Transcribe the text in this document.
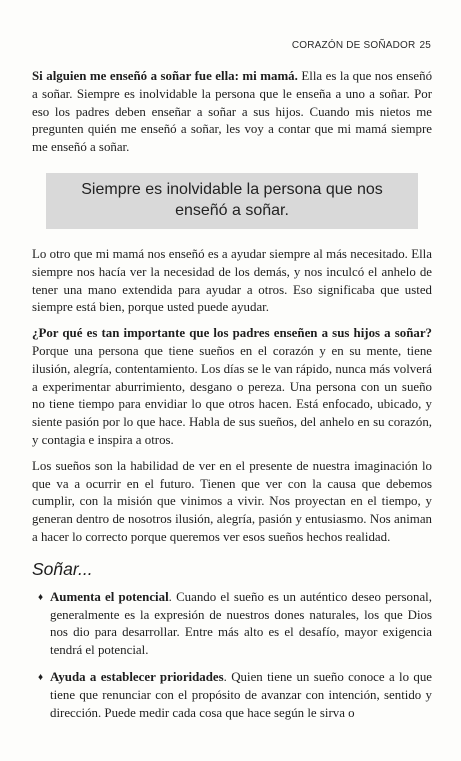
CORAZÓN DE SOÑADOR 25

Si alguien me enseñó a soñar fue ella: mi mamá. Ella es la que nos enseñó a soñar. Siempre es inolvidable la persona que le enseña a uno a soñar. Por eso los padres deben enseñar a soñar a sus hijos. Cuando mis nietos me pregunten quién me enseñó a soñar, les voy a contar que mi mamá siempre me enseñó a soñar.

Siempre es inolvidable la persona que nos enseñó a soñar.

Lo otro que mi mamá nos enseñó es a ayudar siempre al más necesitado. Ella siempre nos hacía ver la necesidad de los demás, y nos inculcó el anhelo de tener una mano extendida para ayudar a otros. Eso significaba que usted siempre está bien, porque usted puede ayudar.

¿Por qué es tan importante que los padres enseñen a sus hijos a soñar? Porque una persona que tiene sueños en el corazón y en su mente, tiene ilusión, alegría, contentamiento. Los días se le van rápido, nunca más volverá a experimentar aburrimiento, desgano o pereza. Una persona con un sueño no tiene tiempo para envidiar lo que otros hacen. Está enfocado, ubicado, y siente pasión por lo que hace. Habla de sus sueños, del anhelo en su corazón, y contagia e inspira a otros.

Los sueños son la habilidad de ver en el presente de nuestra imaginación lo que va a ocurrir en el futuro. Tienen que ver con la causa que debemos cumplir, con la misión que vinimos a vivir. Nos proyectan en el tiempo, y generan dentro de nosotros ilusión, alegría, pasión y entusiasmo. Nos animan a hacer lo correcto porque queremos ver esos sueños hechos realidad.

Soñar...
♦ Aumenta el potencial. Cuando el sueño es un auténtico deseo personal, generalmente es la expresión de nuestros dones naturales, los que Dios nos dio para desarrollar. Entre más alto es el desafío, mayor exigencia tendrá el potencial.
♦ Ayuda a establecer prioridades. Quien tiene un sueño conoce a lo que tiene que renunciar con el propósito de avanzar con intención, sentido y dirección. Puede medir cada cosa que hace según le sirva o
